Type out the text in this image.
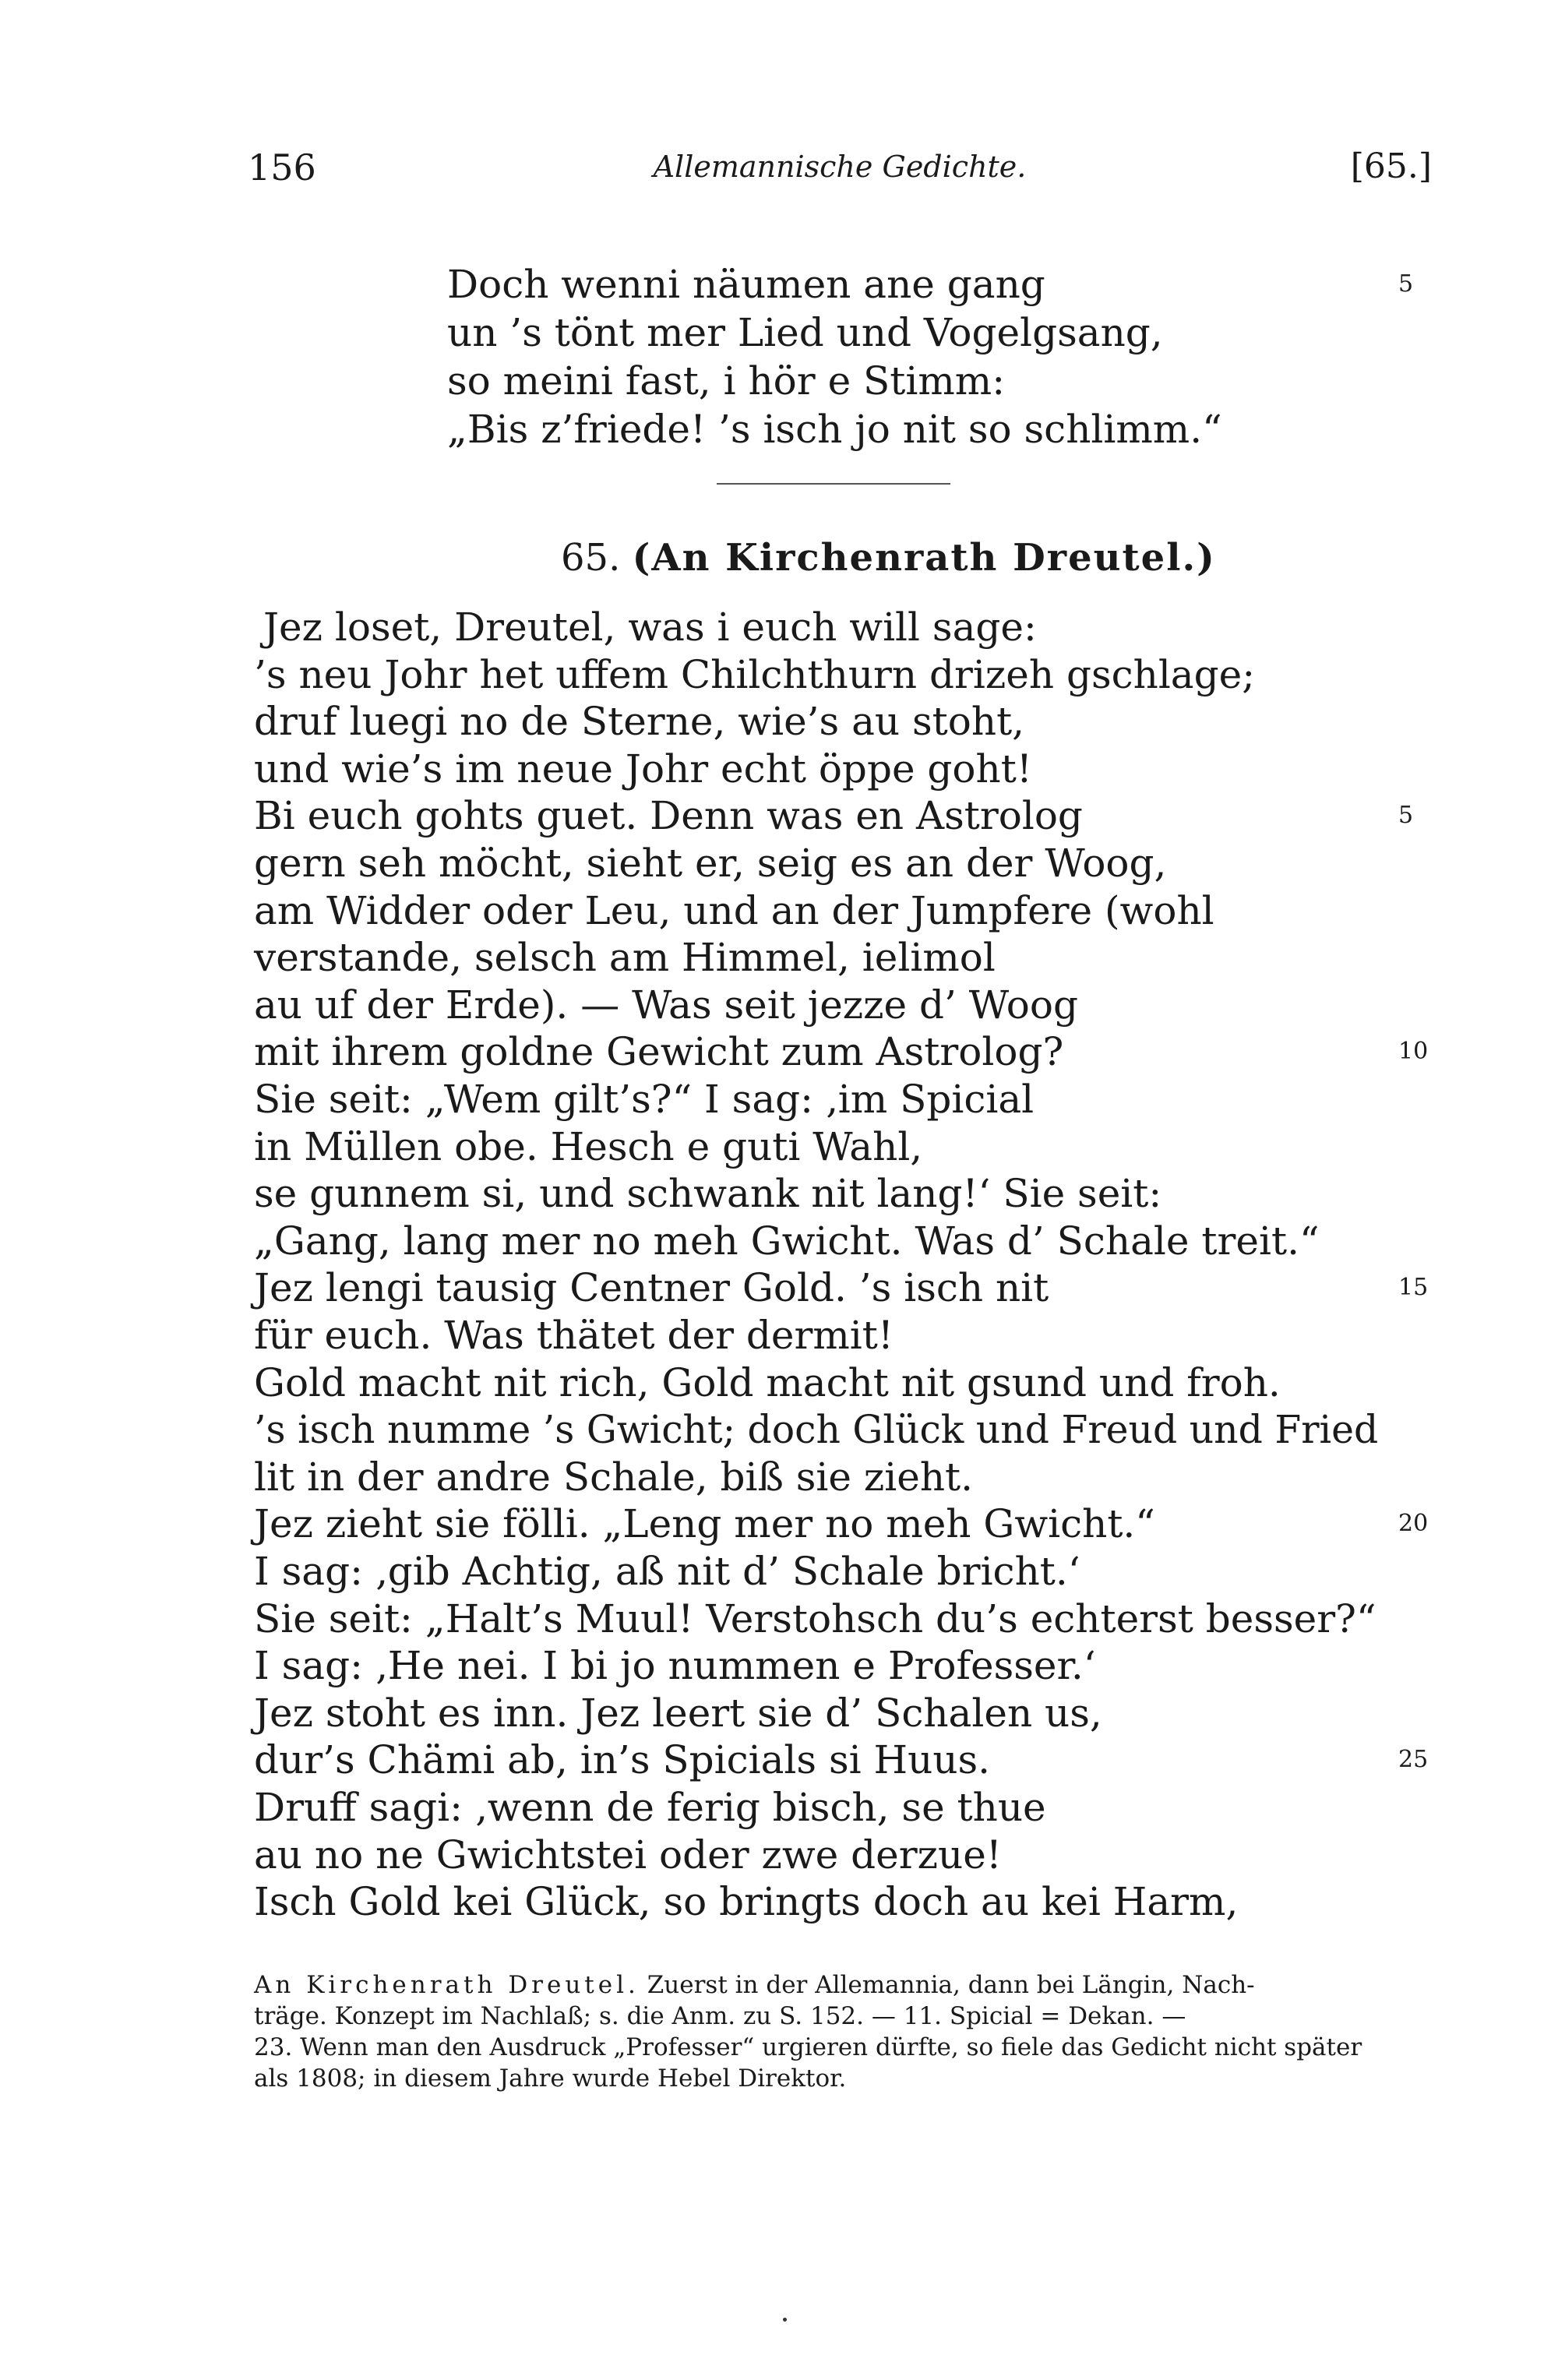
156	Allemannische Gedichte.	[65.]
Doch wenni näumen ane gang	5
un ’s tönt mer Lied und Vogelgsang,
so meini fast, i hör e Stimm:
„Bis z’friede! ’s isch jo nit so schlimm.“
65. (An Kirchenrath Dreutel.)
Jez loset, Dreutel, was i euch will sage:
’s neu Johr het uffem Chilchthurn drizeh gschlage;
druf luegi no de Sterne, wie’s au stoht,
und wie’s im neue Johr echt öppe goht!
Bi euch gohts guet. Denn was en Astrolog	5
gern seh möcht, sieht er, seig es an der Woog,
am Widder oder Leu, und an der Jumpfere (wohl
verstande, selsch am Himmel, ielimol
au uf der Erde). — Was seit jezze d’ Woog
mit ihrem goldne Gewicht zum Astrolog?	10
Sie seit: „Wem gilt’s?“ I sag: ‚im Spicial
in Müllen obe. Hesch e guti Wahl,
se gunnem si, und schwank nit lang!‘ Sie seit:
„Gang, lang mer no meh Gwicht. Was d’ Schale treit.“
Jez lengi tausig Centner Gold. ’s isch nit	15
für euch. Was thätet der dermit!
Gold macht nit rich, Gold macht nit gsund und froh.
’s isch numme ’s Gwicht; doch Glück und Freud und Fried
lit in der andre Schale, biß sie zieht.
Jez zieht sie fölli. „Leng mer no meh Gwicht.“	20
I sag: ‚gib Achtig, aß nit d’ Schale bricht.‘
Sie seit: „Halt’s Muul! Verstohsch du’s echterst besser?“
I sag: ‚He nei. I bi jo nummen e Professer.‘
Jez stoht es inn. Jez leert sie d’ Schalen us,
dur’s Chämi ab, in’s Spicials si Huus.	25
Druff sagi: ‚wenn de ferig bisch, se thue
au no ne Gwichtstei oder zwe derzue!
Isch Gold kei Glück, so bringts doch au kei Harm,
An Kirchenrath Dreutel. Zuerst in der Allemannia, dann bei Längin, Nach-
träge. Konzept im Nachlaß; s. die Anm. zu S. 152. — 11. Spicial = Dekan. —
23. Wenn man den Ausdruck „Professer“ urgieren dürfte, so fiele das Gedicht nicht später
als 1808; in diesem Jahre wurde Hebel Direktor.
